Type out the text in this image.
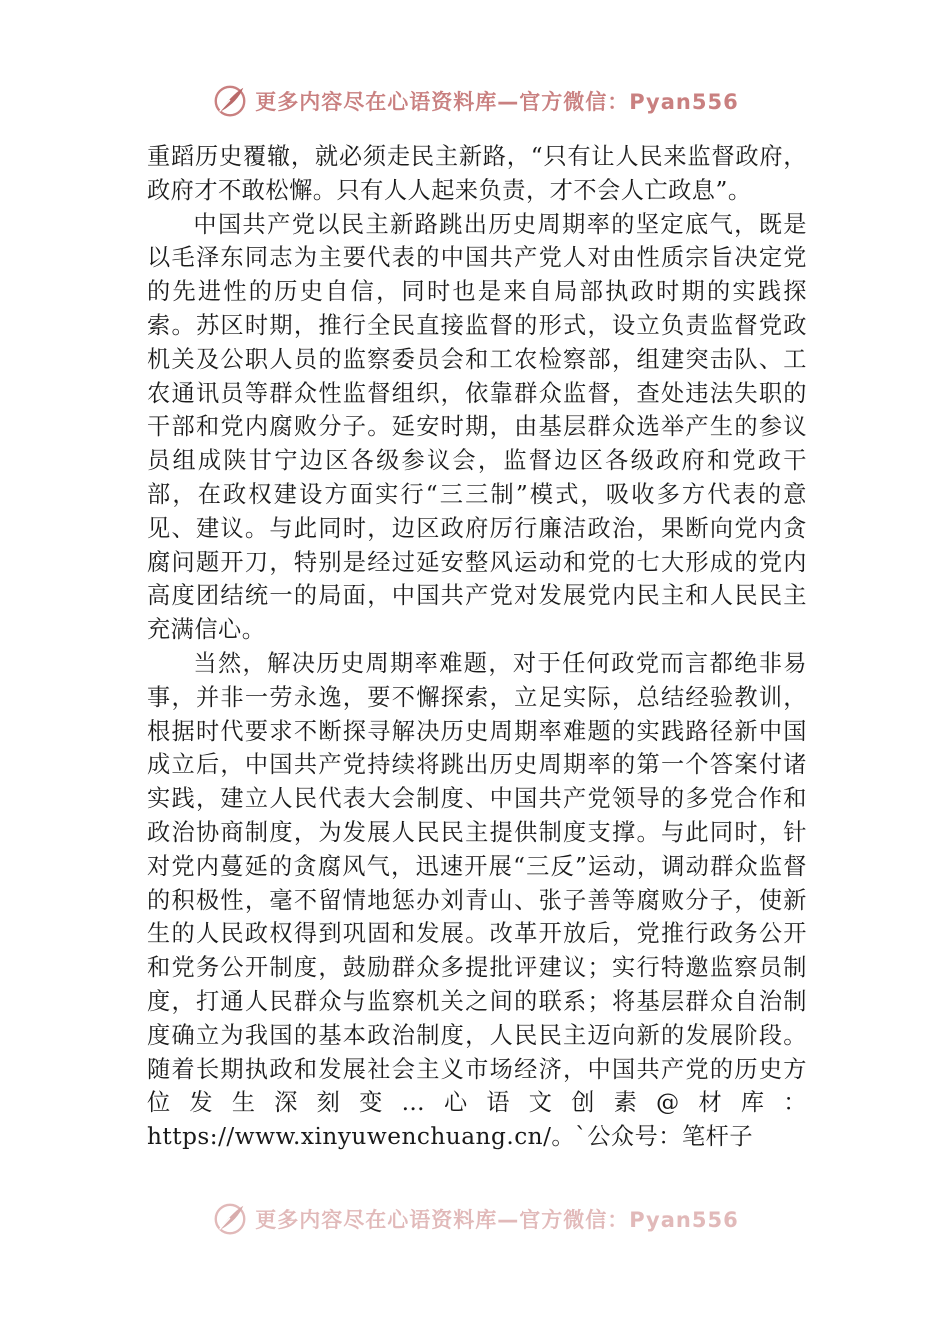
更多内容尽在心语资料库—官方微信：Pyan556

重蹈历史覆辙，就必须走民主新路，“只有让人民来监督政府，政府才不敢松懈。只有人人起来负责，才不会人亡政息”。

中国共产党以民主新路跳出历史周期率的坚定底气，既是以毛泽东同志为主要代表的中国共产党人对由性质宗旨决定党的先进性的历史自信，同时也是来自局部执政时期的实践探索。苏区时期，推行全民直接监督的形式，设立负责监督党政机关及公职人员的监察委员会和工农检察部，组建突击队、工农通讯员等群众性监督组织，依靠群众监督，查处违法失职的干部和党内腐败分子。延安时期，由基层群众选举产生的参议员组成陕甘宁边区各级参议会，监督边区各级政府和党政干部，在政权建设方面实行“三三制”模式，吸收多方代表的意见、建议。与此同时，边区政府厉行廉洁政治，果断向党内贪腐问题开刀，特别是经过延安整风运动和党的七大形成的党内高度团结统一的局面，中国共产党对发展党内民主和人民民主充满信心。

当然，解决历史周期率难题，对于任何政党而言都绝非易事，并非一劳永逸，要不懈探索，立足实际，总结经验教训，根据时代要求不断探寻解决历史周期率难题的实践路径新中国成立后，中国共产党持续将跳出历史周期率的第一个答案付诸实践，建立人民代表大会制度、中国共产党领导的多党合作和政治协商制度，为发展人民民主提供制度支撑。与此同时，针对党内蔓延的贪腐风气，迅速开展“三反”运动，调动群众监督的积极性，毫不留情地惩办刘青山、张子善等腐败分子，使新生的人民政权得到巩固和发展。改革开放后，党推行政务公开和党务公开制度，鼓励群众多提批评建议；实行特邀监察员制度，打通人民群众与监察机关之间的联系；将基层群众自治制度确立为我国的基本政治制度，人民民主迈向新的发展阶段。随着长期执政和发展社会主义市场经济，中国共产党的历史方位发生深刻变…心语文创素@材库：https://www.xinyuwenchuang.cn/。`公众号：笔杆子

更多内容尽在心语资料库—官方微信：Pyan556
